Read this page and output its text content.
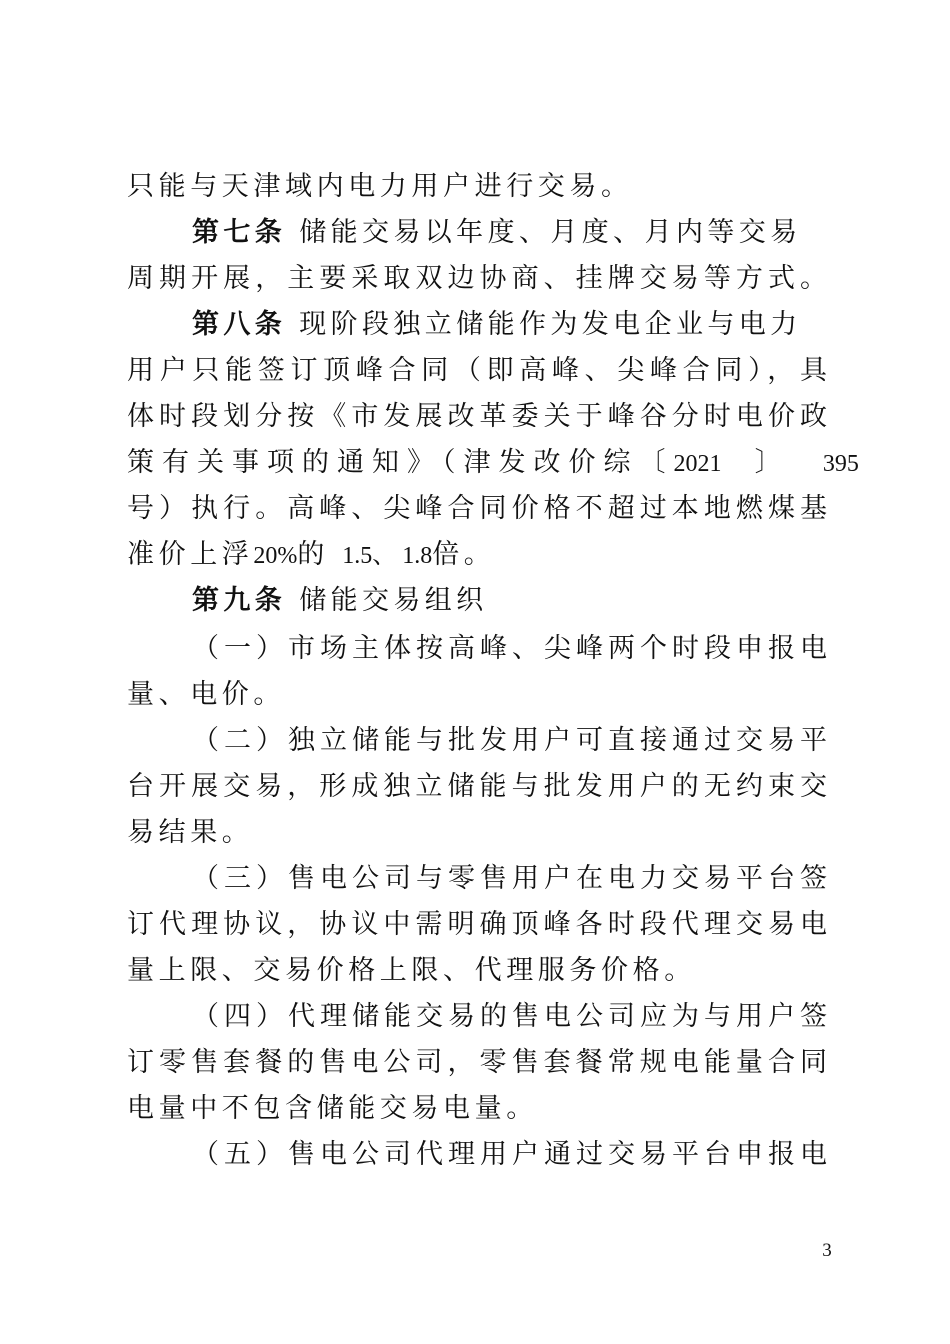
只能与天津域内电力用户进行交易。
第七条 储能交易以年度、月度、月内等交易
周期开展，主要采取双边协商、挂牌交易等方式。
第八条 现阶段独立储能作为发电企业与电力
用户只能签订顶峰合同（即高峰、尖峰合同），具
体时段划分按《市发展改革委关于峰谷分时电价政
策有关事项的通知》（津发改价综〔2021 〕 395
号）执行。高峰、尖峰合同价格不超过本地燃煤基
准价上浮20%的 1.5、 1.8倍。
第九条 储能交易组织
（一）市场主体按高峰、尖峰两个时段申报电
量、电价。
（二）独立储能与批发用户可直接通过交易平
台开展交易，形成独立储能与批发用户的无约束交
易结果。
（三）售电公司与零售用户在电力交易平台签
订代理协议，协议中需明确顶峰各时段代理交易电
量上限、交易价格上限、代理服务价格。
（四）代理储能交易的售电公司应为与用户签
订零售套餐的售电公司，零售套餐常规电能量合同
电量中不包含储能交易电量。
（五）售电公司代理用户通过交易平台申报电
3
